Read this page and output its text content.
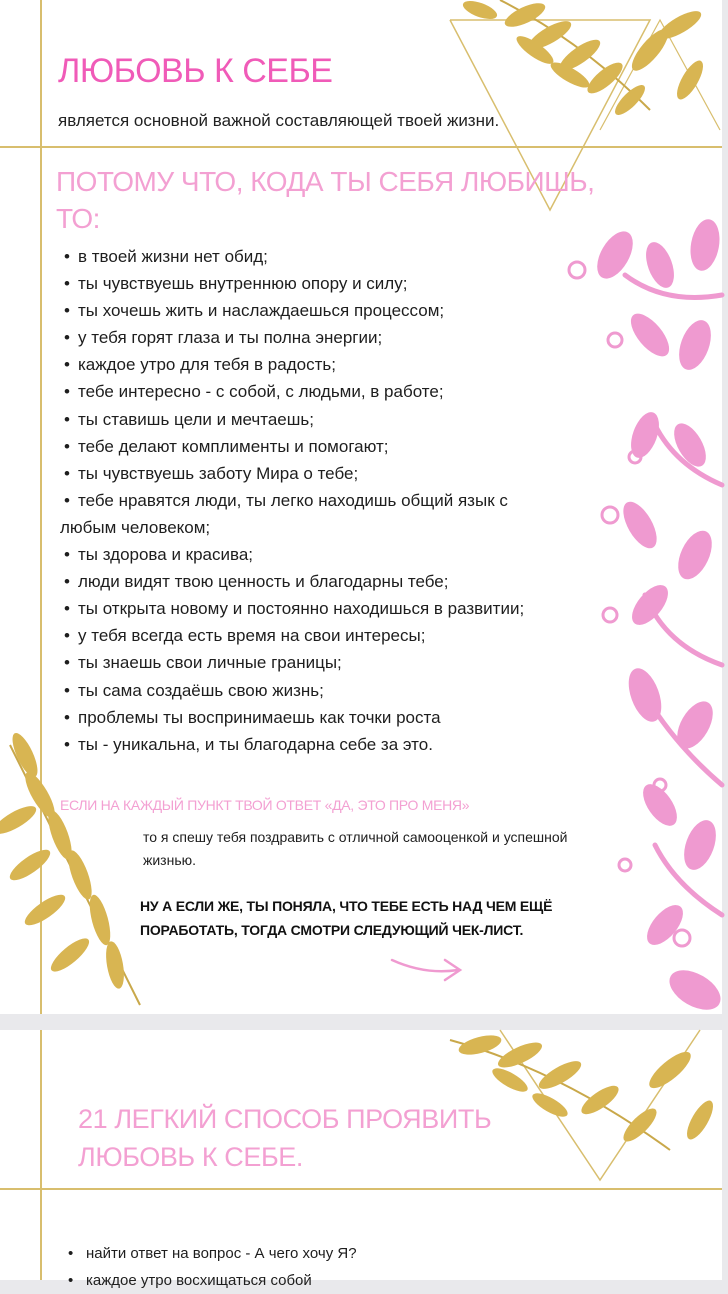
ЛЮБОВЬ К СЕБЕ

является основной важной составляющей твоей жизни.

ПОТОМУ ЧТО, КОДА ТЫ СЕБЯ ЛЮБИШЬ, ТО:
• в твоей жизни нет обид;
• ты чувствуешь внутреннюю опору и силу;
• ты хочешь жить и наслаждаешься процессом;
• у тебя горят глаза и ты полна энергии;
• каждое утро для тебя в радость;
• тебе интересно - с собой, с людьми, в работе;
• ты ставишь цели и мечтаешь;
• тебе делают комплименты и помогают;
• ты чувствуешь заботу Мира о тебе;
• тебе нравятся люди, ты легко находишь общий язык с
любым человеком;
• ты здорова и красива;
• люди видят твою ценность и благодарны тебе;
• ты открыта новому и постоянно находишься в развитии;
• у тебя всегда есть время на свои интересы;
• ты знаешь свои личные границы;
• ты сама создаёшь свою жизнь;
• проблемы ты воспринимаешь как точки роста
• ты - уникальна, и ты благодарна себе за это.

ЕСЛИ НА КАЖДЫЙ ПУНКТ ТВОЙ ОТВЕТ «ДА, ЭТО ПРО МЕНЯ»

то я спешу тебя поздравить с отличной самооценкой и успешной жизнью.

НУ А ЕСЛИ ЖЕ, ТЫ ПОНЯЛА, ЧТО ТЕБЕ ЕСТЬ НАД ЧЕМ ЕЩЁ ПОРАБОТАТЬ, ТОГДА СМОТРИ СЛЕДУЮЩИЙ ЧЕК-ЛИСТ.

21 ЛЕГКИЙ СПОСОБ ПРОЯВИТЬ ЛЮБОВЬ К СЕБЕ.
• найти ответ на вопрос - А чего хочу Я?
• каждое утро восхищаться собой
